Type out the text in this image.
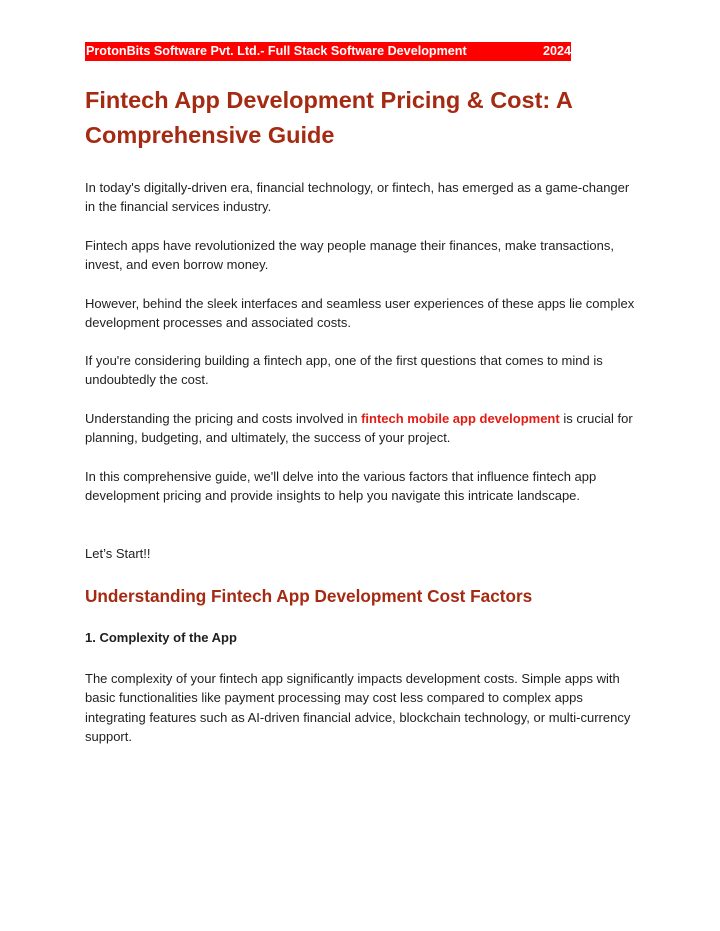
ProtonBits Software Pvt. Ltd.- Full Stack Software Development	2024
Fintech App Development Pricing & Cost: A Comprehensive Guide

In today's digitally-driven era, financial technology, or fintech, has emerged as a game-changer in the financial services industry.

Fintech apps have revolutionized the way people manage their finances, make transactions, invest, and even borrow money.

However, behind the sleek interfaces and seamless user experiences of these apps lie complex development processes and associated costs.

If you're considering building a fintech app, one of the first questions that comes to mind is undoubtedly the cost.

Understanding the pricing and costs involved in fintech mobile app development is crucial for planning, budgeting, and ultimately, the success of your project.

In this comprehensive guide, we'll delve into the various factors that influence fintech app development pricing and provide insights to help you navigate this intricate landscape.

Let’s Start!!

Understanding Fintech App Development Cost Factors
1. Complexity of the App

The complexity of your fintech app significantly impacts development costs. Simple apps with basic functionalities like payment processing may cost less compared to complex apps integrating features such as AI-driven financial advice, blockchain technology, or multi-currency support.
